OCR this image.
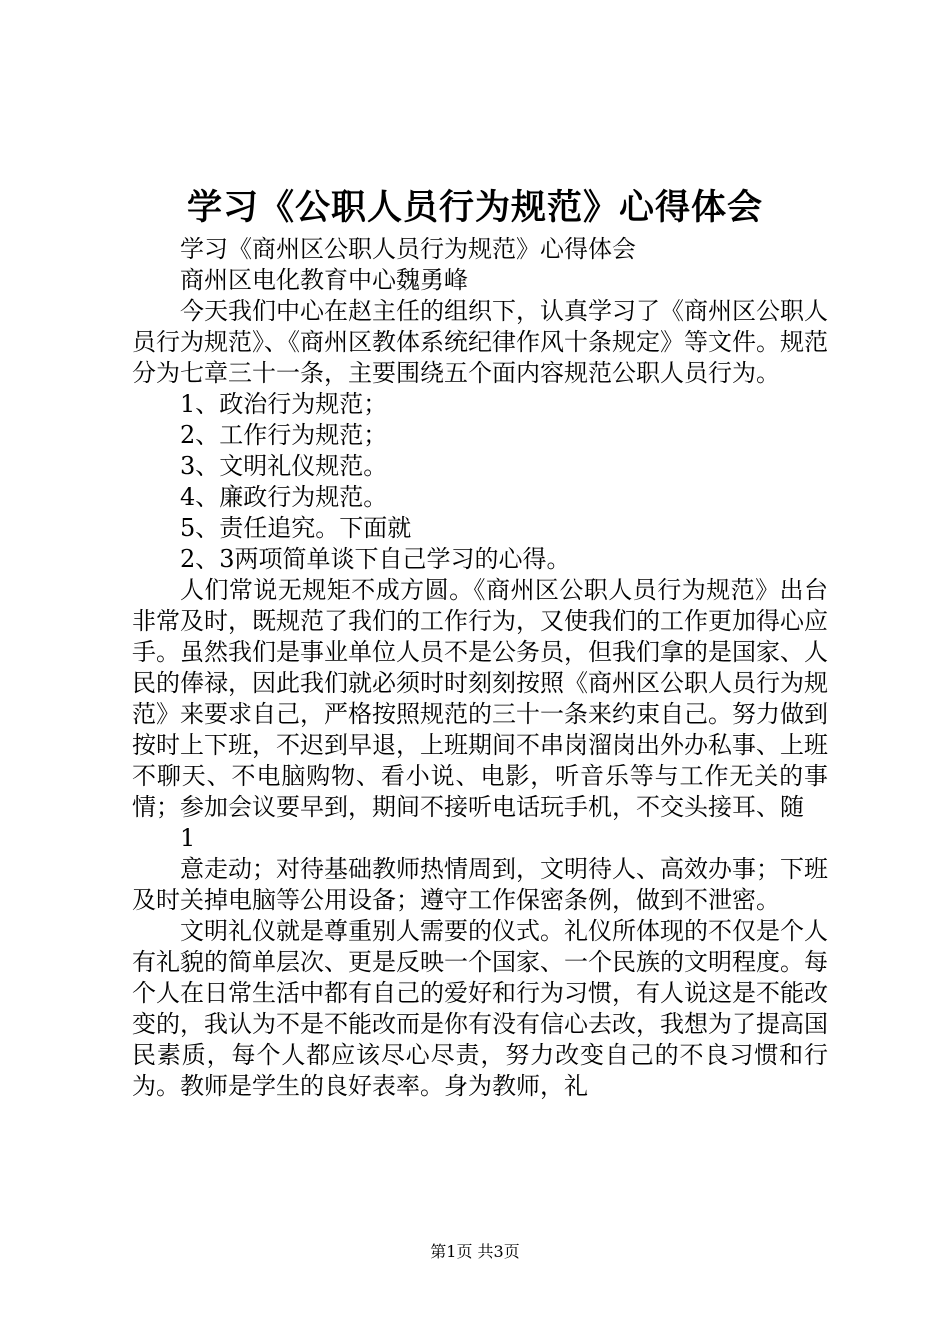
学习《公职人员行为规范》心得体会

学习《商州区公职人员行为规范》心得体会

商州区电化教育中心魏勇峰

今天我们中心在赵主任的组织下，认真学习了《商州区公职人员行为规范》、《商州区教体系统纪律作风十条规定》等文件。规范分为七章三十一条，主要围绕五个面内容规范公职人员行为。

1、政治行为规范；

2、工作行为规范；

3、文明礼仪规范。

4、廉政行为规范。

5、责任追究。下面就

2、3两项简单谈下自己学习的心得。

人们常说无规矩不成方圆。《商州区公职人员行为规范》出台非常及时，既规范了我们的工作行为，又使我们的工作更加得心应手。虽然我们是事业单位人员不是公务员，但我们拿的是国家、人民的俸禄，因此我们就必须时时刻刻按照《商州区公职人员行为规范》来要求自己，严格按照规范的三十一条来约束自己。努力做到按时上下班，不迟到早退，上班期间不串岗溜岗出外办私事、上班不聊天、不电脑购物、看小说、电影，听音乐等与工作无关的事情；参加会议要早到，期间不接听电话玩手机，不交头接耳、随

1

意走动；对待基础教师热情周到，文明待人、高效办事；下班及时关掉电脑等公用设备；遵守工作保密条例，做到不泄密。

文明礼仪就是尊重别人需要的仪式。礼仪所体现的不仅是个人有礼貌的简单层次、更是反映一个国家、一个民族的文明程度。每个人在日常生活中都有自己的爱好和行为习惯，有人说这是不能改变的，我认为不是不能改而是你有没有信心去改，我想为了提高国民素质，每个人都应该尽心尽责，努力改变自己的不良习惯和行为。教师是学生的良好表率。身为教师，礼

第1页 共3页
